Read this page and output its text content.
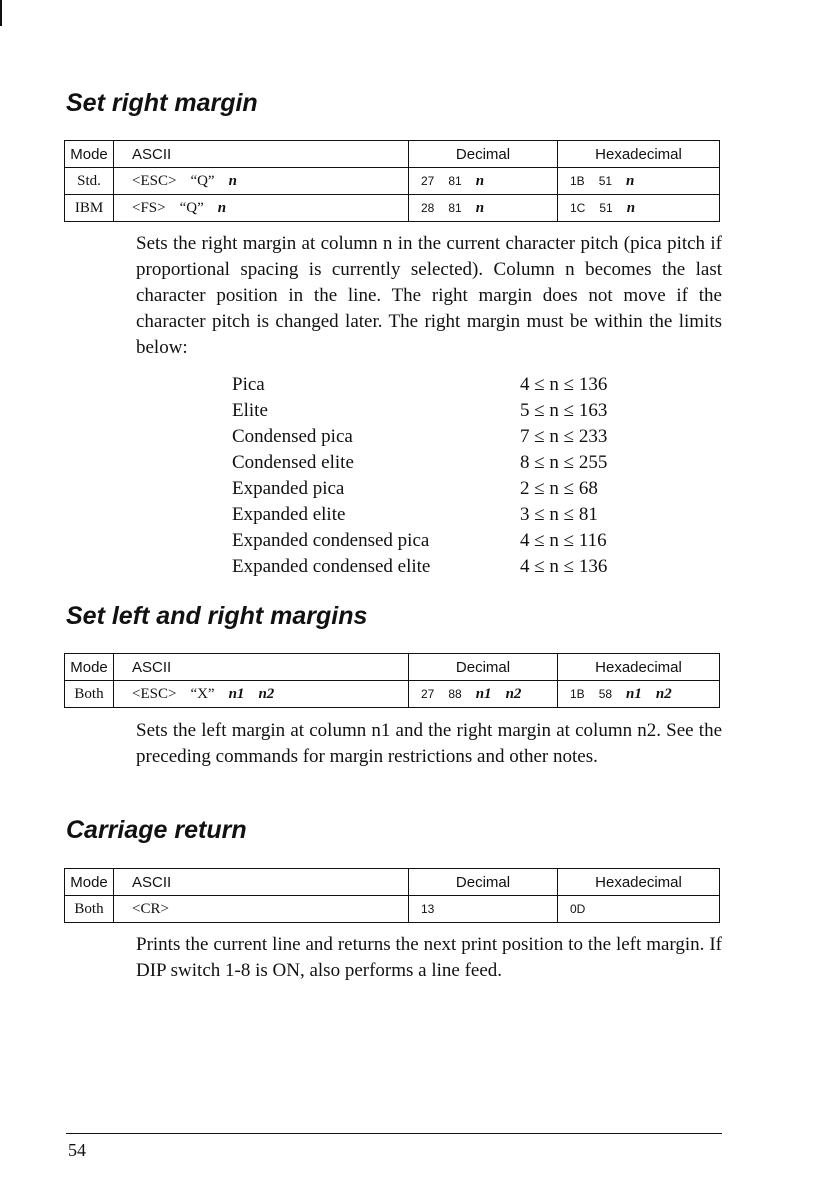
Set right margin
Mode	ASCII	Decimal	Hexadecimal
Std.	<ESC> “Q” n	27 81 n	1B 51 n
IBM	<FS> “Q” n	28 81 n	1C 51 n

Sets the right margin at column n in the current character pitch (pica pitch if proportional spacing is currently selected). Column n becomes the last character position in the line. The right margin does not move if the character pitch is changed later. The right margin must be within the limits below:

Pica	4 ≤ n ≤ 136
Elite	5 ≤ n ≤ 163
Condensed pica	7 ≤ n ≤ 233
Condensed elite	8 ≤ n ≤ 255
Expanded pica	2 ≤ n ≤ 68
Expanded elite	3 ≤ n ≤ 81
Expanded condensed pica	4 ≤ n ≤ 116
Expanded condensed elite	4 ≤ n ≤ 136
Set left and right margins
Mode	ASCII	Decimal	Hexadecimal
Both	<ESC> “X” n1 n2	27 88 n1 n2	1B 58 n1 n2

Sets the left margin at column n1 and the right margin at column n2. See the preceding commands for margin restrictions and other notes.

Carriage return
Mode	ASCII	Decimal	Hexadecimal
Both	<CR>	13	0D

Prints the current line and returns the next print position to the left margin. If DIP switch 1-8 is ON, also performs a line feed.

54
